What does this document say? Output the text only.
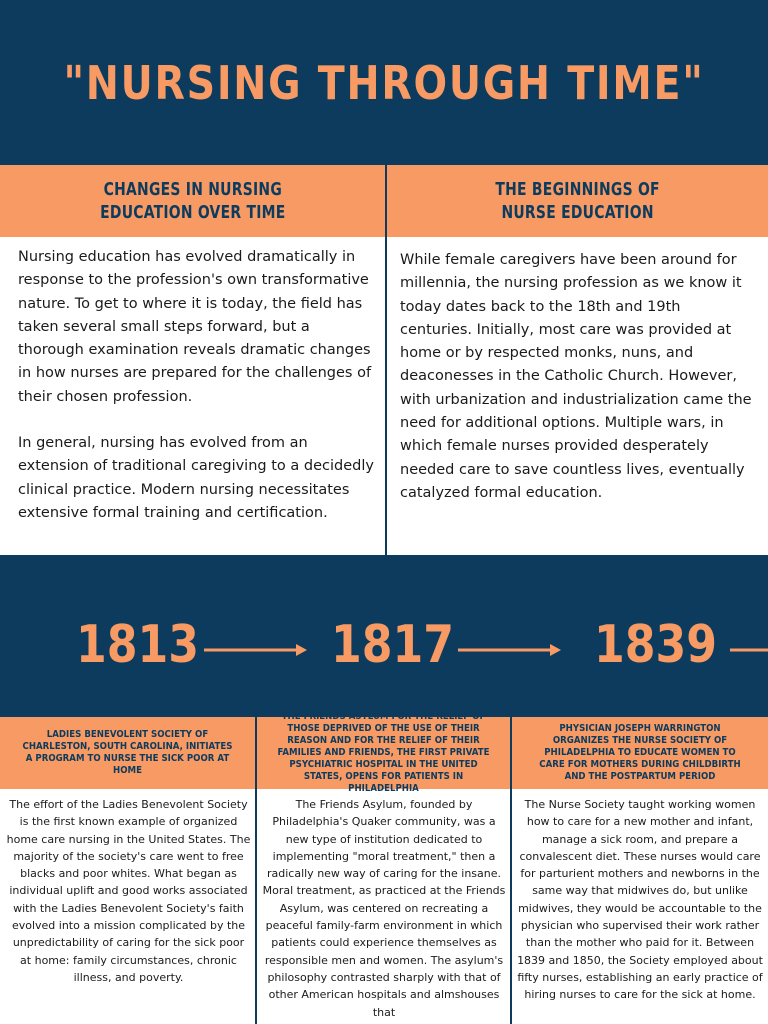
"NURSING THROUGH TIME"
CHANGES IN NURSING
EDUCATION OVER TIME
THE BEGINNINGS OF
NURSE EDUCATION

Nursing education has evolved dramatically in response to the profession's own transformative nature. To get to where it is today, the field has taken several small steps forward, but a thorough examination reveals dramatic changes in how nurses are prepared for the challenges of their chosen profession.

In general, nursing has evolved from an extension of traditional caregiving to a decidedly clinical practice. Modern nursing necessitates extensive formal training and certification.

While female caregivers have been around for millennia, the nursing profession as we know it today dates back to the 18th and 19th centuries. Initially, most care was provided at home or by respected monks, nuns, and deaconesses in the Catholic Church. However, with urbanization and industrialization came the need for additional options. Multiple wars, in which female nurses provided desperately needed care to save countless lives, eventually catalyzed formal education.

1813	1817	1839
LADIES BENEVOLENT SOCIETY OF CHARLESTON, SOUTH CAROLINA, INITIATES A PROGRAM TO NURSE THE SICK POOR AT HOME
THE FRIENDS ASYLUM FOR THE RELIEF OF THOSE DEPRIVED OF THE USE OF THEIR REASON AND FOR THE RELIEF OF THEIR FAMILIES AND FRIENDS, THE FIRST PRIVATE PSYCHIATRIC HOSPITAL IN THE UNITED STATES, OPENS FOR PATIENTS IN PHILADELPHIA
PHYSICIAN JOSEPH WARRINGTON ORGANIZES THE NURSE SOCIETY OF PHILADELPHIA TO EDUCATE WOMEN TO CARE FOR MOTHERS DURING CHILDBIRTH AND THE POSTPARTUM PERIOD
The effort of the Ladies Benevolent Society is the first known example of organized home care nursing in the United States. The majority of the society's care went to free blacks and poor whites. What began as individual uplift and good works associated with the Ladies Benevolent Society's faith evolved into a mission complicated by the unpredictability of caring for the sick poor at home: family circumstances, chronic illness, and poverty.
The Friends Asylum, founded by Philadelphia's Quaker community, was a new type of institution dedicated to implementing "moral treatment," then a radically new way of caring for the insane. Moral treatment, as practiced at the Friends Asylum, was centered on recreating a peaceful family-farm environment in which patients could experience themselves as responsible men and women. The asylum's philosophy contrasted sharply with that of other American hospitals and almshouses that
The Nurse Society taught working women how to care for a new mother and infant, manage a sick room, and prepare a convalescent diet. These nurses would care for parturient mothers and newborns in the same way that midwives do, but unlike midwives, they would be accountable to the physician who supervised their work rather than the mother who paid for it. Between 1839 and 1850, the Society employed about fifty nurses, establishing an early practice of hiring nurses to care for the sick at home.
